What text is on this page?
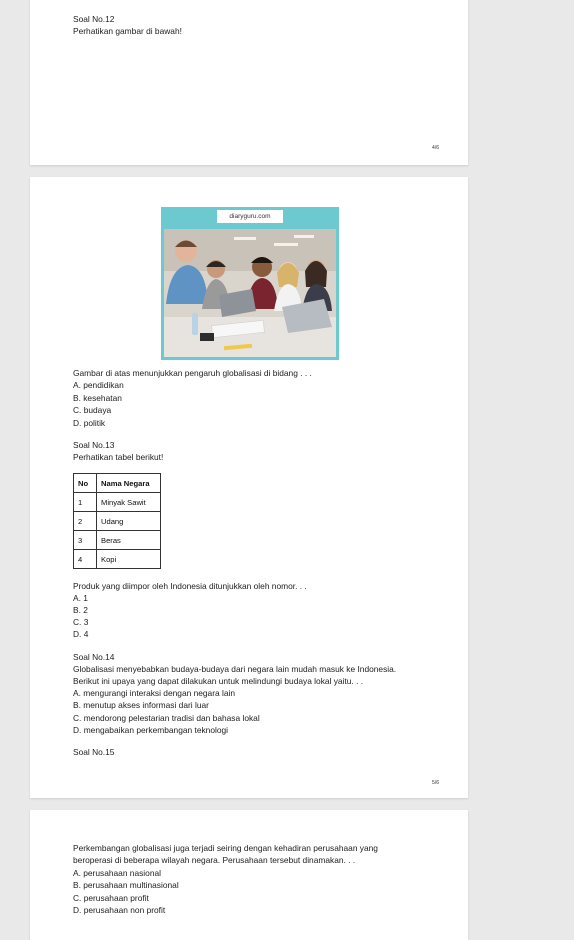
Soal No.12
Perhatikan gambar di bawah!
4/6
diaryguru.com
Gambar di atas menunjukkan pengaruh globalisasi di bidang . . .
A. pendidikan
B. kesehatan
C. budaya
D. politik
Soal No.13
Perhatikan tabel berikut!
No	Nama Negara
1	Minyak Sawit
2	Udang
3	Beras
4	Kopi
Produk yang diimpor oleh Indonesia ditunjukkan oleh nomor. . .
A. 1
B. 2
C. 3
D. 4
Soal No.14
Globalisasi menyebabkan budaya-budaya dari negara lain mudah masuk ke Indonesia.
Berikut ini upaya yang dapat dilakukan untuk melindungi budaya lokal yaitu. . .
A. mengurangi interaksi dengan negara lain
B. menutup akses informasi dari luar
C. mendorong pelestarian tradisi dan bahasa lokal
D. mengabaikan perkembangan teknologi
Soal No.15
5/6
Perkembangan globalisasi juga terjadi seiring dengan kehadiran perusahaan yang
beroperasi di beberapa wilayah negara. Perusahaan tersebut dinamakan. . .
A. perusahaan nasional
B. perusahaan multinasional
C. perusahaan profit
D. perusahaan non profit
